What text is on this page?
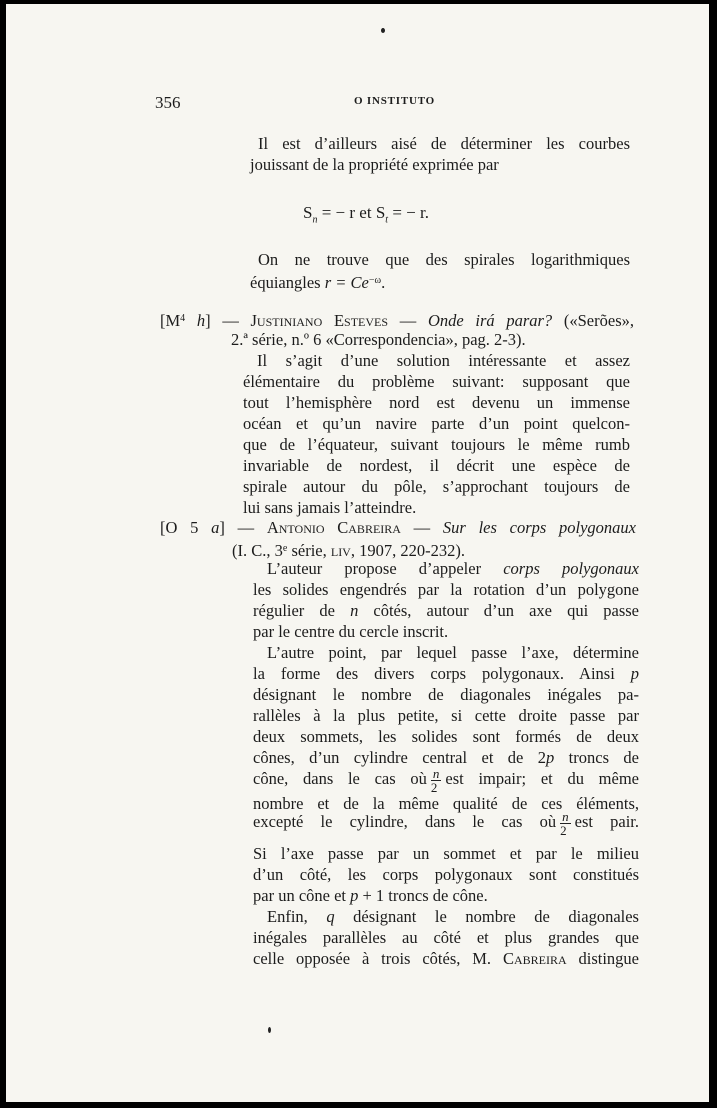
356	O INSTITUTO
Il est d’ailleurs aisé de déterminer les courbes
jouissant de la propriété exprimée par
$S_n$ = − r et $S_t$ = − r.
On ne trouve que des spirales logarithmiques
équiangles $r = Ce^{-\omega}$.
[$M^4$ h] — Justiniano Esteves — Onde irá parar? («Serões»,
2.ª série, n.º 6 «Correspondencia», pag. 2-3).
Il s’agit d’une solution intéressante et assez
élémentaire du problème suivant: supposant que
tout l’hemisphère nord est devenu un immense
océan et qu’un navire parte d’un point quelcon-
que de l’équateur, suivant toujours le même rumb
invariable de nordest, il décrit une espèce de
spirale autour du pôle, s’approchant toujours de
lui sans jamais l’atteindre.
[O 5 a] — Antonio Cabreira — Sur les corps polygonaux
(I. C., 3e série, liv, 1907, 220-232).
L’auteur propose d’appeler corps polygonaux
les solides engendrés par la rotation d’un polygone
régulier de n côtés, autour d’un axe qui passe
par le centre du cercle inscrit.
L’autre point, par lequel passe l’axe, détermine
la forme des divers corps polygonaux. Ainsi p
désignant le nombre de diagonales inégales pa-
rallèles à la plus petite, si cette droite passe par
deux sommets, les solides sont formés de deux
cônes, d’un cylindre central et de 2p troncs de
cône, dans le cas où $\frac{n}{2}$ est impair; et du même
nombre et de la même qualité de ces éléments,
excepté le cylindre, dans le cas où $\frac{n}{2}$ est pair.
Si l’axe passe par un sommet et par le milieu
d’un côté, les corps polygonaux sont constitués
par un cône et p + 1 troncs de cône.
Enfin, q désignant le nombre de diagonales
inégales parallèles au côté et plus grandes que
celle opposée à trois côtés, M. Cabreira distingue
